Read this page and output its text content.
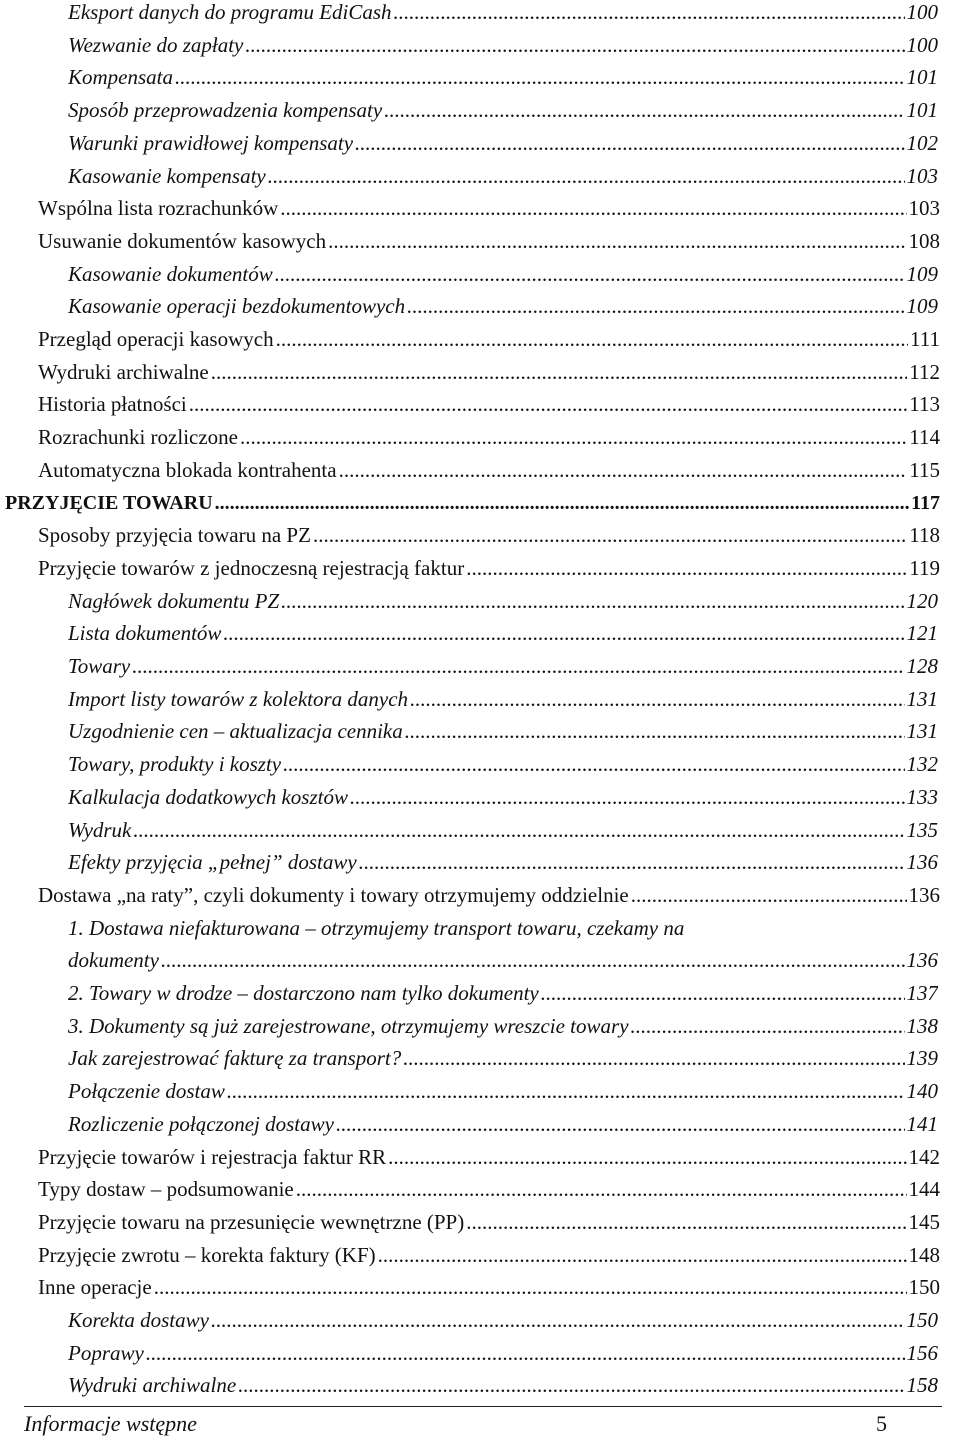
Eksport danych do programu EdiCash .....	100
Wezwanie do zapłaty .....	100
Kompensata .....	101
Sposób przeprowadzenia kompensaty .....	101
Warunki prawidłowej kompensaty .....	102
Kasowanie kompensaty .....	103
Wspólna lista rozrachunków .....	103
Usuwanie dokumentów kasowych .....	108
Kasowanie dokumentów .....	109
Kasowanie operacji bezdokumentowych .....	109
Przegląd operacji kasowych .....	111
Wydruki archiwalne .....	112
Historia płatności .....	113
Rozrachunki rozliczone .....	114
Automatyczna blokada kontrahenta .....	115
PRZYJĘCIE TOWARU .....	117
Sposoby przyjęcia towaru na PZ .....	118
Przyjęcie towarów z jednoczesną rejestracją faktur .....	119
Nagłówek dokumentu PZ .....	120
Lista dokumentów .....	121
Towary .....	128
Import listy towarów z kolektora danych .....	131
Uzgodnienie cen – aktualizacja cennika .....	131
Towary, produkty i koszty .....	132
Kalkulacja dodatkowych kosztów .....	133
Wydruk .....	135
Efekty przyjęcia „pełnej” dostawy .....	136
Dostawa „na raty”, czyli dokumenty i towary otrzymujemy oddzielnie .....	136
1. Dostawa niefakturowana – otrzymujemy transport towaru, czekamy na
dokumenty .....	136
2. Towary w drodze – dostarczono nam tylko dokumenty .....	137
3. Dokumenty są już zarejestrowane, otrzymujemy wreszcie towary .....	138
Jak zarejestrować fakturę za transport? .....	139
Połączenie dostaw .....	140
Rozliczenie połączonej dostawy .....	141
Przyjęcie towarów i rejestracja faktur RR .....	142
Typy dostaw – podsumowanie .....	144
Przyjęcie towaru na przesunięcie wewnętrzne (PP) .....	145
Przyjęcie zwrotu – korekta faktury (KF) .....	148
Inne operacje .....	150
Korekta dostawy .....	150
Poprawy .....	156
Wydruki archiwalne .....	158
Informacje wstępne	5
